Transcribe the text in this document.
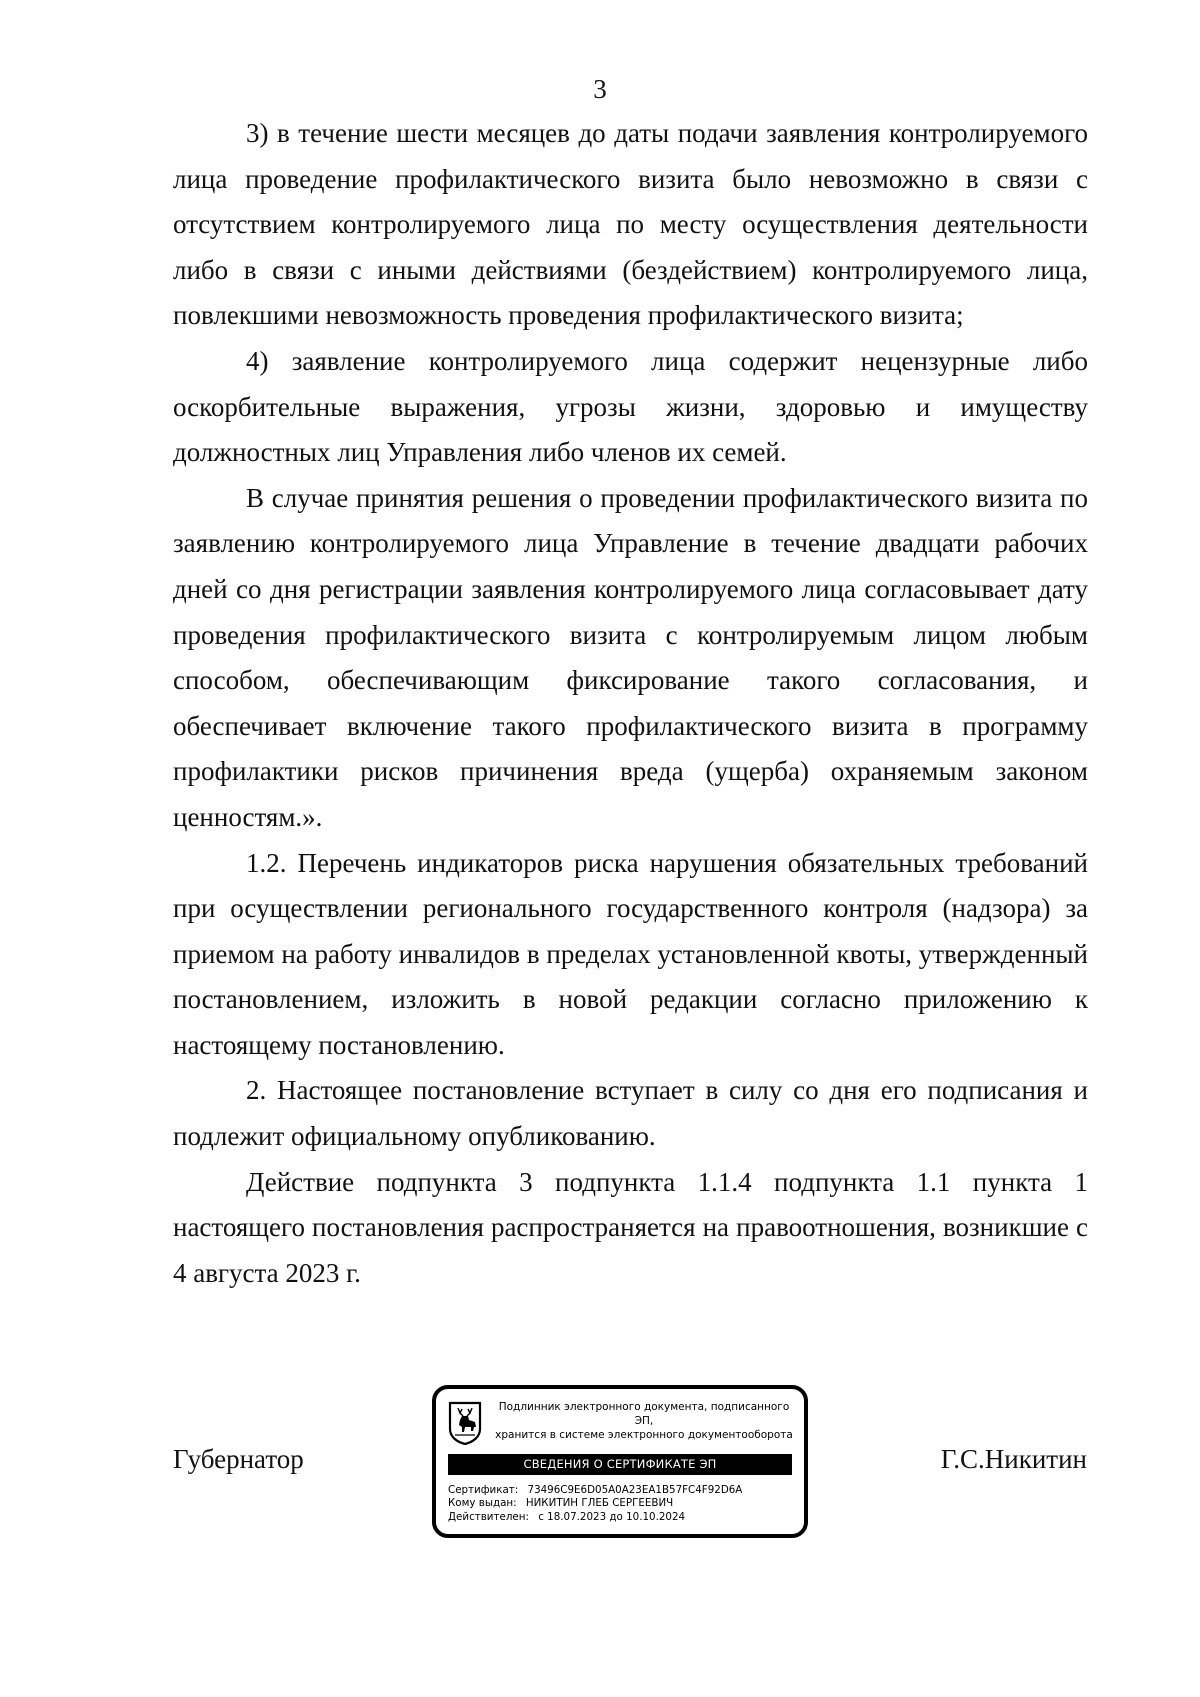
3

3) в течение шести месяцев до даты подачи заявления контролируемого лица проведение профилактического визита было невозможно в связи с отсутствием контролируемого лица по месту осуществления деятельности либо в связи с иными действиями (бездействием) контролируемого лица, повлекшими невозможность проведения профилактического визита;

4) заявление контролируемого лица содержит нецензурные либо оскорбительные выражения, угрозы жизни, здоровью и имуществу должностных лиц Управления либо членов их семей.

В случае принятия решения о проведении профилактического визита по заявлению контролируемого лица Управление в течение двадцати рабочих дней со дня регистрации заявления контролируемого лица согласовывает дату проведения профилактического визита с контролируемым лицом любым способом, обеспечивающим фиксирование такого согласования, и обеспечивает включение такого профилактического визита в программу профилактики рисков причинения вреда (ущерба) охраняемым законом ценностям.».

1.2. Перечень индикаторов риска нарушения обязательных требований при осуществлении регионального государственного контроля (надзора) за приемом на работу инвалидов в пределах установленной квоты, утвержденный постановлением, изложить в новой редакции согласно приложению к настоящему постановлению.

2. Настоящее постановление вступает в силу со дня его подписания и подлежит официальному опубликованию.

Действие подпункта 3 подпункта 1.1.4 подпункта 1.1 пункта 1 настоящего постановления распространяется на правоотношения, возникшие с 4 августа 2023 г.

Губернатор	Г.С.Никитин
Подлинник электронного документа, подписанного ЭП,
хранится в системе электронного документооборота
СВЕДЕНИЯ О СЕРТИФИКАТЕ ЭП
Сертификат: 73496C9E6D05A0A23EA1B57FC4F92D6A
Кому выдан: НИКИТИН ГЛЕБ СЕРГЕЕВИЧ
Действителен: с 18.07.2023 до 10.10.2024
